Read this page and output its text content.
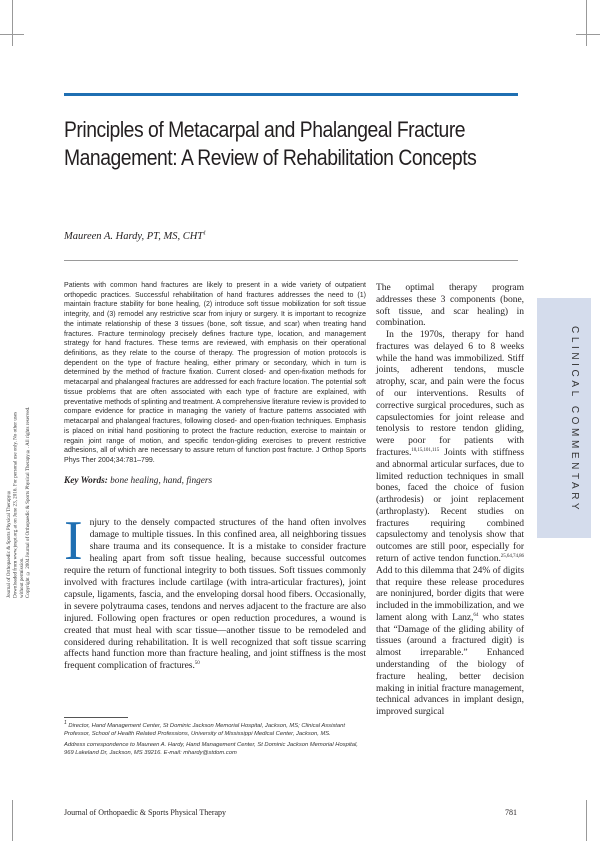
Principles of Metacarpal and Phalangeal Fracture Management: A Review of Rehabilitation Concepts
Maureen A. Hardy, PT, MS, CHT$^1$
Patients with common hand fractures are likely to present in a wide variety of outpatient orthopedic practices. Successful rehabilitation of hand fractures addresses the need to (1) maintain fracture stability for bone healing, (2) introduce soft tissue mobilization for soft tissue integrity, and (3) remodel any restrictive scar from injury or surgery. It is important to recognize the intimate relationship of these 3 tissues (bone, soft tissue, and scar) when treating hand fractures. Fracture terminology precisely defines fracture type, location, and management strategy for hand fractures. These terms are reviewed, with emphasis on their operational definitions, as they relate to the course of therapy. The progression of motion protocols is dependent on the type of fracture healing, either primary or secondary, which in turn is determined by the method of fracture fixation. Current closed- and open-fixation methods for metacarpal and phalangeal fractures are addressed for each fracture location. The potential soft tissue problems that are often associated with each type of fracture are explained, with preventative methods of splinting and treatment. A comprehensive literature review is provided to compare evidence for practice in managing the variety of fracture patterns associated with metacarpal and phalangeal fractures, following closed- and open-fixation techniques. Emphasis is placed on initial hand positioning to protect the fracture reduction, exercise to maintain or regain joint range of motion, and specific tendon-gliding exercises to prevent restrictive adhesions, all of which are necessary to assure return of function post fracture. J Orthop Sports Phys Ther 2004;34:781–799.
Key Words: bone healing, hand, fingers
Injury to the densely compacted structures of the hand often involves damage to multiple tissues. In this confined area, all neighboring tissues share trauma and its consequence. It is a mistake to consider fracture healing apart from soft tissue healing, because successful outcomes require the return of functional integrity to both tissues. Soft tissues commonly involved with fractures include cartilage (with intra-articular fractures), joint capsule, ligaments, fascia, and the enveloping dorsal hood fibers. Occasionally, in severe polytrauma cases, tendons and nerves adjacent to the fracture are also injured. Following open fractures or open reduction procedures, a wound is created that must heal with scar tissue—another tissue to be remodeled and considered during rehabilitation. It is well recognized that soft tissue scarring affects hand function more than fracture healing, and joint stiffness is the most frequent complication of fractures.$^{50}$

$^1$ Director, Hand Management Center, St Dominic Jackson Memorial Hospital, Jackson, MS; Clinical Assistant Professor, School of Health Related Professions, University of Mississippi Medical Center, Jackson, MS.

Address correspondence to Maureen A. Hardy, Hand Management Center, St Dominic Jackson Memorial Hospital, 969 Lakeland Dr, Jackson, MS 39216. E-mail: mhardy@stdom.com

The optimal therapy program addresses these 3 components (bone, soft tissue, and scar healing) in combination.

In the 1970s, therapy for hand fractures was delayed 6 to 8 weeks while the hand was immobilized. Stiff joints, adherent tendons, muscle atrophy, scar, and pain were the focus of our interventions. Results of corrective surgical procedures, such as capsulectomies for joint release and tenolysis to restore tendon gliding, were poor for patients with fractures.$^{10,15,101,115}$ Joints with stiffness and abnormal articular surfaces, due to limited reduction techniques in small bones, faced the choice of fusion (arthrodesis) or joint replacement (arthroplasty). Recent studies on fractures requiring combined capsulectomy and tenolysis show that outcomes are still poor, especially for return of active tendon function.$^{25,64,74,86}$ Add to this dilemma that 24% of digits that require these release procedures are noninjured, border digits that were included in the immobilization, and we lament along with Lanz,$^{64}$ who states that “Damage of the gliding ability of tissues (around a fractured digit) is almost irreparable.” Enhanced understanding of the biology of fracture healing, better decision making in initial fracture management, technical advances in implant design, improved surgical

CLINICAL COMMENTARY
Journal of Orthopaedic & Sports Physical Therapy® Downloaded from www.jospt.org at on June 23, 2016. For personal use only. No other uses without permission. Copyright © 2004 Journal of Orthopaedic & Sports Physical Therapy®. All rights reserved.
Journal of Orthopaedic & Sports Physical Therapy	781
